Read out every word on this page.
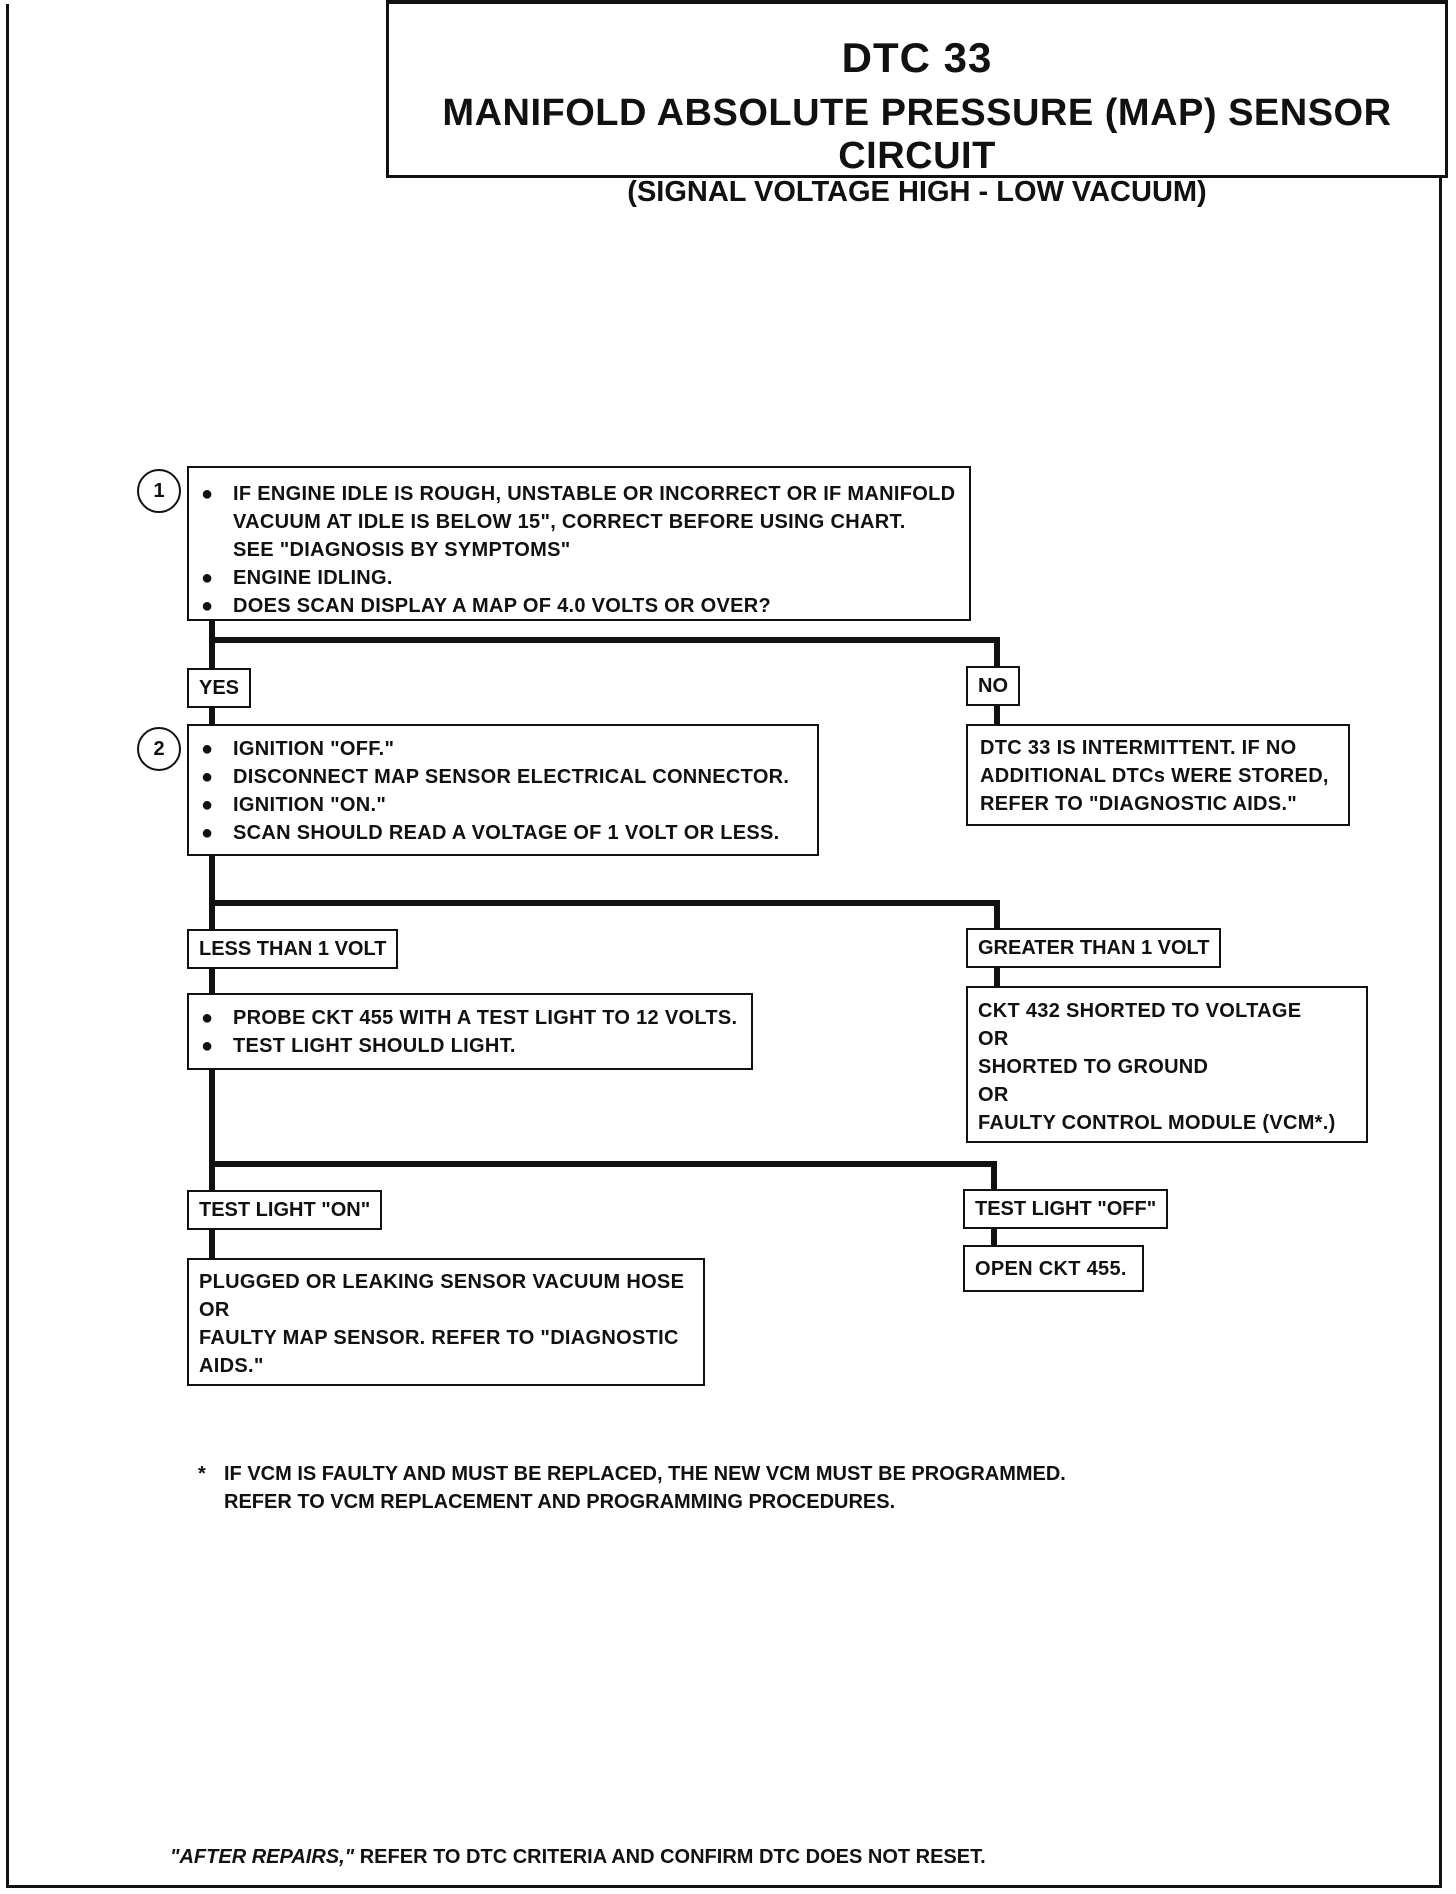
DTC 33
MANIFOLD ABSOLUTE PRESSURE (MAP) SENSOR CIRCUIT
(SIGNAL VOLTAGE HIGH - LOW VACUUM)
1	● IF ENGINE IDLE IS ROUGH, UNSTABLE OR INCORRECT OR IF MANIFOLD
VACUUM AT IDLE IS BELOW 15", CORRECT BEFORE USING CHART.
SEE "DIAGNOSIS BY SYMPTOMS"
● ENGINE IDLING.
● DOES SCAN DISPLAY A MAP OF 4.0 VOLTS OR OVER?
YES	NO
DTC 33 IS INTERMITTENT. IF NO
ADDITIONAL DTCs WERE STORED,
REFER TO "DIAGNOSTIC AIDS."
2	● IGNITION "OFF."
● DISCONNECT MAP SENSOR ELECTRICAL CONNECTOR.
● IGNITION "ON."
● SCAN SHOULD READ A VOLTAGE OF 1 VOLT OR LESS.
LESS THAN 1 VOLT	GREATER THAN 1 VOLT
● PROBE CKT 455 WITH A TEST LIGHT TO 12 VOLTS.
● TEST LIGHT SHOULD LIGHT.
CKT 432 SHORTED TO VOLTAGE
OR
SHORTED TO GROUND
OR
FAULTY CONTROL MODULE (VCM*.)
TEST LIGHT "ON"	TEST LIGHT "OFF"
PLUGGED OR LEAKING SENSOR VACUUM HOSE
OR
FAULTY MAP SENSOR. REFER TO "DIAGNOSTIC
AIDS."
OPEN CKT 455.
* IF VCM IS FAULTY AND MUST BE REPLACED, THE NEW VCM MUST BE PROGRAMMED.
REFER TO VCM REPLACEMENT AND PROGRAMMING PROCEDURES.
"AFTER REPAIRS," REFER TO DTC CRITERIA AND CONFIRM DTC DOES NOT RESET.
